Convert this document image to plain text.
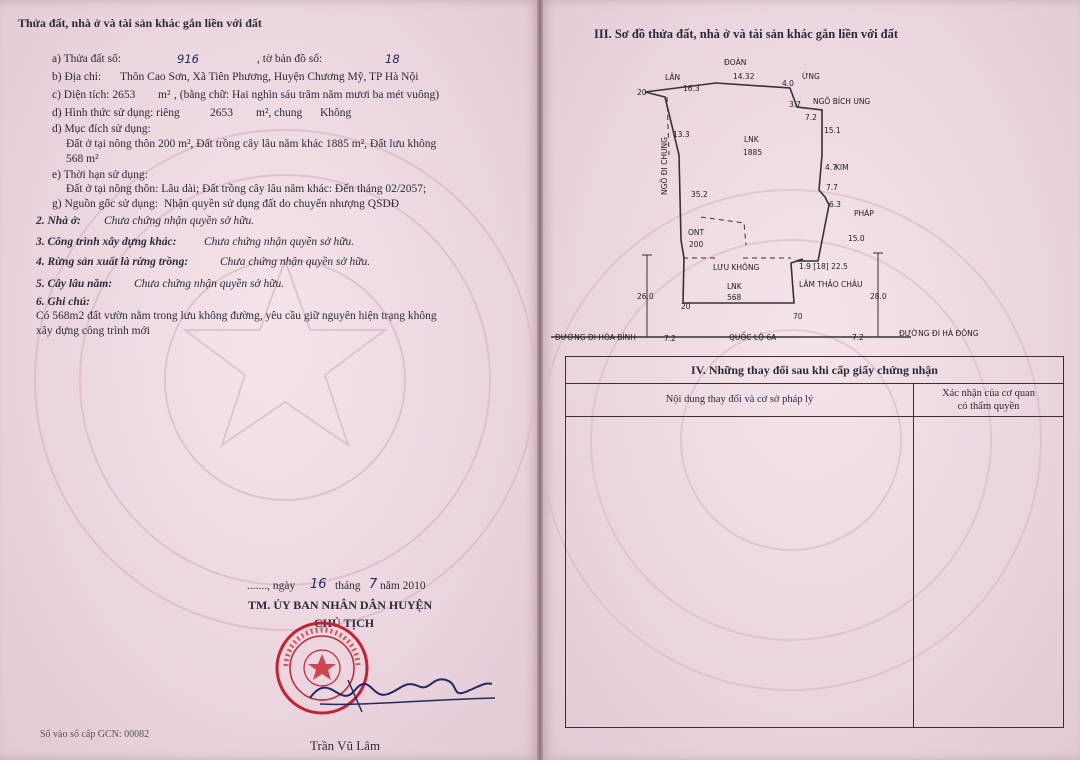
Thửa đất, nhà ở và tài sản khác gắn liền với đất
a) Thửa đất số:	916	, tờ bản đồ số:	18
b) Địa chỉ: Thôn Cao Sơn, Xã Tiên Phương, Huyện Chương Mỹ, TP Hà Nội
c) Diện tích: 2653 m² , (bằng chữ: Hai nghìn sáu trăm năm mươi ba mét vuông)
d) Hình thức sử dụng: riêng	2653 m², chung Không
d) Mục đích sử dụng:
Đất ở tại nông thôn 200 m², Đất trồng cây lâu năm khác 1885 m², Đất lưu không
568 m²
e) Thời hạn sử dụng:
Đất ở tại nông thôn: Lâu dài; Đất trồng cây lâu năm khác: Đến tháng 02/2057;
g) Nguồn gốc sử dụng: Nhận quyền sử dụng đất do chuyển nhượng QSDĐ
2. Nhà ở: Chưa chứng nhận quyền sở hữu.
3. Công trình xây dựng khác: Chưa chứng nhận quyền sở hữu.
4. Rừng sản xuất là rừng trồng:	Chưa chứng nhận quyền sở hữu.
5. Cây lâu năm: Chưa chứng nhận quyền sở hữu.
6. Ghi chú:
Có 568m2 đất vườn nằm trong lưu không đường, yêu cầu giữ nguyên hiện trạng không
xây dựng công trình mới
......., ngày 16 tháng 7 năm 2010
TM. ỦY BAN NHÂN DÂN HUYỆN
CHỦ TỊCH
Trần Vũ Lâm
Số vào sổ cấp GCN: 00082
III. Sơ đồ thửa đất, nhà ở và tài sản khác gắn liền với đất
LÂN
ĐOÀN
ỨNG
NGÕ BÍCH UNG
KIM
PHÁP
NGÕ ĐI CHUNG	LNK
1885
ONT
200
LƯU KHÔNG
LNK
568
LÂM THẢO CHÂU
1.9 [18] 22.5
ĐƯỜNG ĐI HÒA BÌNH	QUỐC LỘ 6A	ĐƯỜNG ĐI HÀ ĐÔNG
20	16.3
14.32
4.0
3.7
7.2
15.1
4.7
7.7
6.3
15.0
13.3
35.2
26.0
20
70
7.2	7.2
28.0
IV. Những thay đổi sau khi cấp giấy chứng nhận
Nội dung thay đổi và cơ sở pháp lý
Xác nhận của cơ quan
có thẩm quyền
